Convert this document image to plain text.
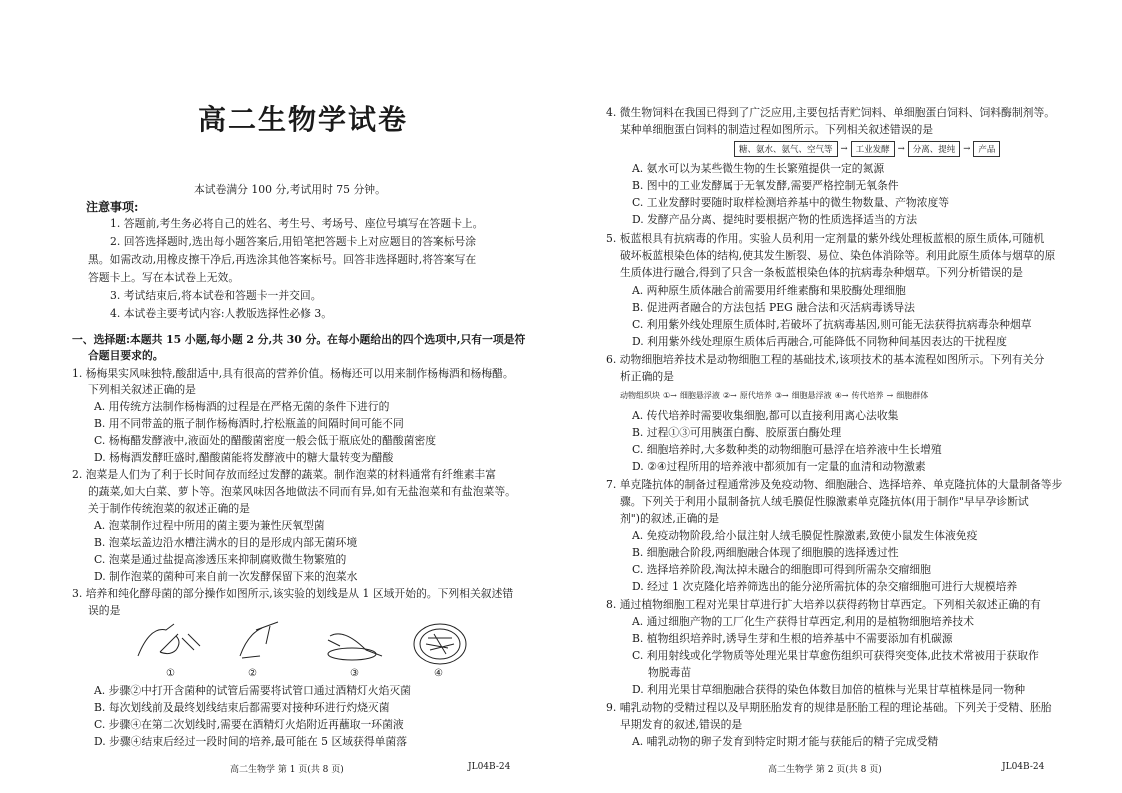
高二生物学试卷
本试卷满分 100 分,考试用时 75 分钟。
注意事项:
1. 答题前,考生务必将自己的姓名、考生号、考场号、座位号填写在答题卡上。
2. 回答选择题时,选出每小题答案后,用铅笔把答题卡上对应题目的答案标号涂
黑。如需改动,用橡皮擦干净后,再选涂其他答案标号。回答非选择题时,将答案写在
答题卡上。写在本试卷上无效。
3. 考试结束后,将本试卷和答题卡一并交回。
4. 本试卷主要考试内容:人教版选择性必修 3。
一、选择题:本题共 15 小题,每小题 2 分,共 30 分。在每小题给出的四个选项中,只有一项是符
合题目要求的。
1. 杨梅果实风味独特,酸甜适中,具有很高的营养价值。杨梅还可以用来制作杨梅酒和杨梅醋。
下列相关叙述正确的是
A. 用传统方法制作杨梅酒的过程是在严格无菌的条件下进行的
B. 用不同带盖的瓶子制作杨梅酒时,拧松瓶盖的间隔时间可能不同
C. 杨梅醋发酵液中,液面处的醋酸菌密度一般会低于瓶底处的醋酸菌密度
D. 杨梅酒发酵旺盛时,醋酸菌能将发酵液中的糖大量转变为醋酸
2. 泡菜是人们为了利于长时间存放而经过发酵的蔬菜。制作泡菜的材料通常有纤维素丰富
的蔬菜,如大白菜、萝卜等。泡菜风味因各地做法不同而有异,如有无盐泡菜和有盐泡菜等。
关于制作传统泡菜的叙述正确的是
A. 泡菜制作过程中所用的菌主要为兼性厌氧型菌
B. 泡菜坛盖边沿水槽注满水的目的是形成内部无菌环境
C. 泡菜是通过盐提高渗透压来抑制腐败微生物繁殖的
D. 制作泡菜的菌种可来自前一次发酵保留下来的泡菜水
3. 培养和纯化酵母菌的部分操作如图所示,该实验的划线是从 1 区域开始的。下列相关叙述错
误的是
①	②	③	④
A. 步骤②中打开含菌种的试管后需要将试管口通过酒精灯火焰灭菌
B. 每次划线前及最终划线结束后都需要对接种环进行灼烧灭菌
C. 步骤④在第二次划线时,需要在酒精灯火焰附近再蘸取一环菌液
D. 步骤④结束后经过一段时间的培养,最可能在 5 区域获得单菌落
高二生物学 第 1 页(共 8 页)	JL04B-24
4. 微生物饲料在我国已得到了广泛应用,主要包括青贮饲料、单细胞蛋白饲料、饲料酶制剂等。
某种单细胞蛋白饲料的制造过程如图所示。下列相关叙述错误的是
糖、氨水、氨气、空气等 → 工业发酵 → 分离、提纯 → 产品
A. 氨水可以为某些微生物的生长繁殖提供一定的氮源
B. 图中的工业发酵属于无氧发酵,需要严格控制无氧条件
C. 工业发酵时要随时取样检测培养基中的微生物数量、产物浓度等
D. 发酵产品分离、提纯时要根据产物的性质选择适当的方法
5. 板蓝根具有抗病毒的作用。实验人员利用一定剂量的紫外线处理板蓝根的原生质体,可随机
破坏板蓝根染色体的结构,使其发生断裂、易位、染色体消除等。利用此原生质体与烟草的原
生质体进行融合,得到了只含一条板蓝根染色体的抗病毒杂种烟草。下列分析错误的是
A. 两种原生质体融合前需要用纤维素酶和果胶酶处理细胞
B. 促进两者融合的方法包括 PEG 融合法和灭活病毒诱导法
C. 利用紫外线处理原生质体时,若破坏了抗病毒基因,则可能无法获得抗病毒杂种烟草
D. 利用紫外线处理原生质体后再融合,可能降低不同物种间基因表达的干扰程度
6. 动物细胞培养技术是动物细胞工程的基础技术,该项技术的基本流程如图所示。下列有关分
析正确的是
动物组织块 ①→ 细胞悬浮液 ②→ 原代培养 ③→ 细胞悬浮液 ④→ 传代培养 → 细胞群体
A. 传代培养时需要收集细胞,都可以直接利用离心法收集
B. 过程①③可用胰蛋白酶、胶原蛋白酶处理
C. 细胞培养时,大多数种类的动物细胞可悬浮在培养液中生长增殖
D. ②④过程所用的培养液中都须加有一定量的血清和动物激素
7. 单克隆抗体的制备过程通常涉及免疫动物、细胞融合、选择培养、单克隆抗体的大量制备等步
骤。下列关于利用小鼠制备抗人绒毛膜促性腺激素单克隆抗体(用于制作"早早孕诊断试
剂")的叙述,正确的是
A. 免疫动物阶段,给小鼠注射人绒毛膜促性腺激素,致使小鼠发生体液免疫
B. 细胞融合阶段,两细胞融合体现了细胞膜的选择透过性
C. 选择培养阶段,淘汰掉未融合的细胞即可得到所需杂交瘤细胞
D. 经过 1 次克隆化培养筛选出的能分泌所需抗体的杂交瘤细胞可进行大规模培养
8. 通过植物细胞工程对光果甘草进行扩大培养以获得药物甘草西定。下列相关叙述正确的有
A. 通过细胞产物的工厂化生产获得甘草西定,利用的是植物细胞培养技术
B. 植物组织培养时,诱导生芽和生根的培养基中不需要添加有机碳源
C. 利用射线或化学物质等处理光果甘草愈伤组织可获得突变体,此技术常被用于获取作
物脱毒苗
D. 利用光果甘草细胞融合获得的染色体数目加倍的植株与光果甘草植株是同一物种
9. 哺乳动物的受精过程以及早期胚胎发育的规律是胚胎工程的理论基础。下列关于受精、胚胎
早期发育的叙述,错误的是
A. 哺乳动物的卵子发育到特定时期才能与获能后的精子完成受精
高二生物学 第 2 页(共 8 页)	JL04B-24
